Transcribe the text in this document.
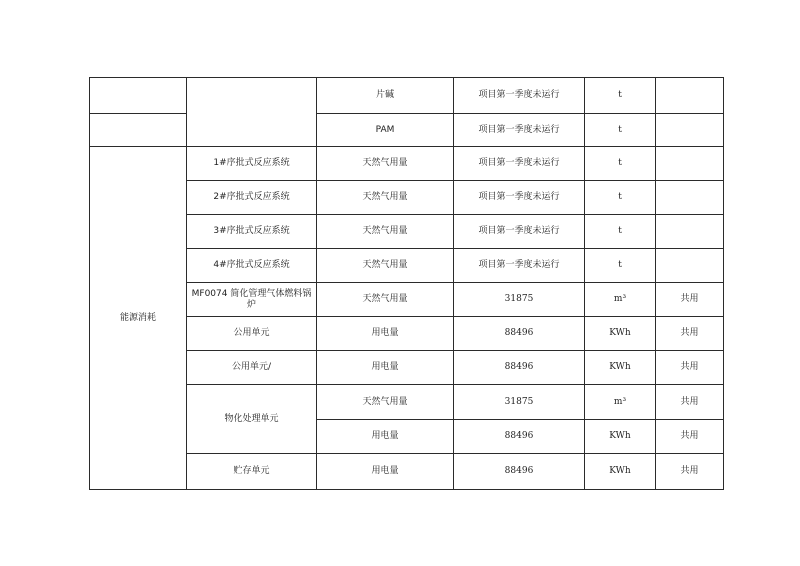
		片碱	项目第一季度未运行	t	
		PAM	项目第一季度未运行	t	
能源消耗	1#序批式反应系统	天然气用量	项目第一季度未运行	t	
	2#序批式反应系统	天然气用量	项目第一季度未运行	t	
	3#序批式反应系统	天然气用量	项目第一季度未运行	t	
	4#序批式反应系统	天然气用量	项目第一季度未运行	t	
	MF0074 简化管理气体燃料锅炉	天然气用量	31875	m³	共用
	公用单元	用电量	88496	KWh	共用
	公用单元/	用电量	88496	KWh	共用
	物化处理单元	天然气用量	31875	m³	共用
		用电量	88496	KWh	共用
	贮存单元	用电量	88496	KWh	共用
